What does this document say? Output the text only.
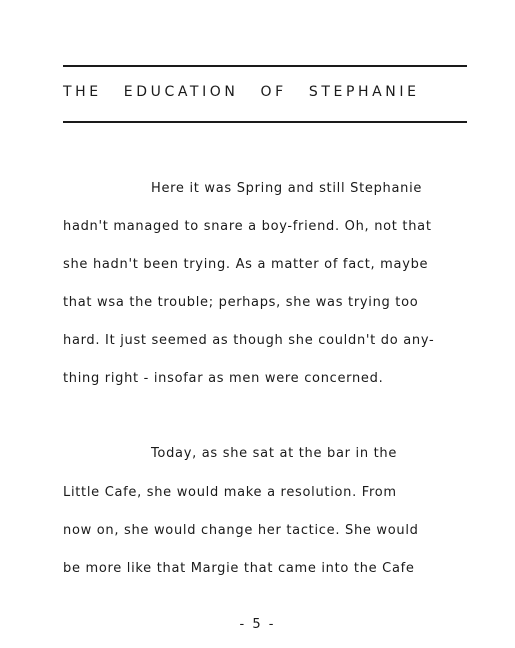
THE EDUCATION OF STEPHANIE

Here it was Spring and still Stephanie

hadn't managed to snare a boy-friend. Oh, not that

she hadn't been trying. As a matter of fact, maybe

that wsa the trouble; perhaps, she was trying too

hard. It just seemed as though she couldn't do any-

thing right - insofar as men were concerned.

Today, as she sat at the bar in the

Little Cafe, she would make a resolution. From

now on, she would change her tactice. She would

be more like that Margie that came into the Cafe

- 5 -
